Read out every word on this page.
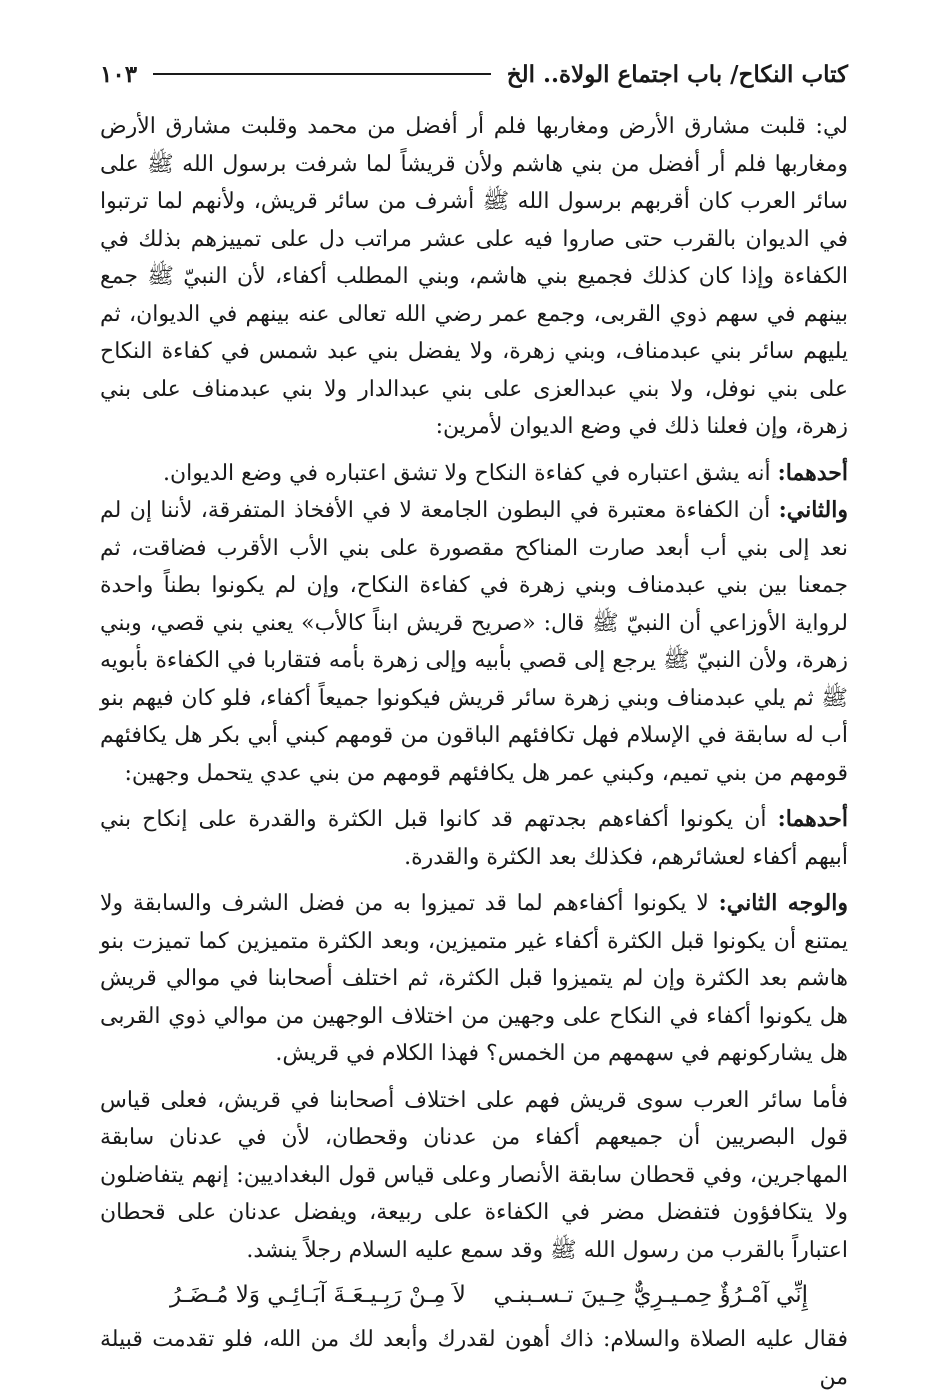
كتاب النكاح/ باب اجتماع الولاة.. الخ
١٠٣

لي: قلبت مشارق الأرض ومغاربها فلم أر أفضل من محمد وقلبت مشارق الأرض ومغاربها فلم أر أفضل من بني هاشم ولأن قريشاً لما شرفت برسول الله ﷺ على سائر العرب كان أقربهم برسول الله ﷺ أشرف من سائر قريش، ولأنهم لما ترتبوا في الديوان بالقرب حتى صاروا فيه على عشر مراتب دل على تمييزهم بذلك في الكفاءة وإذا كان كذلك فجميع بني هاشم، وبني المطلب أكفاء، لأن النبيّ ﷺ جمع بينهم في سهم ذوي القربى، وجمع عمر رضي الله تعالى عنه بينهم في الديوان، ثم يليهم سائر بني عبدمناف، وبني زهرة، ولا يفضل بني عبد شمس في كفاءة النكاح على بني نوفل، ولا بني عبدالعزى على بني عبدالدار ولا بني عبدمناف على بني زهرة، وإن فعلنا ذلك في وضع الديوان لأمرين:

أحدهما: أنه يشق اعتباره في كفاءة النكاح ولا تشق اعتباره في وضع الديوان.

والثاني: أن الكفاءة معتبرة في البطون الجامعة لا في الأفخاذ المتفرقة، لأننا إن لم نعد إلى بني أب أبعد صارت المناكح مقصورة على بني الأب الأقرب فضاقت، ثم جمعنا بين بني عبدمناف وبني زهرة في كفاءة النكاح، وإن لم يكونوا بطناً واحدة لرواية الأوزاعي أن النبيّ ﷺ قال: «صريح قريش ابناً كالأب» يعني بني قصي، وبني زهرة، ولأن النبيّ ﷺ يرجع إلى قصي بأبيه وإلى زهرة بأمه فتقاربا في الكفاءة بأبويه ﷺ ثم يلي عبدمناف وبني زهرة سائر قريش فيكونوا جميعاً أكفاء، فلو كان فيهم بنو أب له سابقة في الإسلام فهل تكافئهم الباقون من قومهم كبني أبي بكر هل يكافئهم قومهم من بني تميم، وكبني عمر هل يكافئهم قومهم من بني عدي يتحمل وجهين:

أحدهما: أن يكونوا أكفاءهم بجدتهم قد كانوا قبل الكثرة والقدرة على إنكاح بني أبيهم أكفاء لعشائرهم، فكذلك بعد الكثرة والقدرة.

والوجه الثاني: لا يكونوا أكفاءهم لما قد تميزوا به من فضل الشرف والسابقة ولا يمتنع أن يكونوا قبل الكثرة أكفاء غير متميزين، وبعد الكثرة متميزين كما تميزت بنو هاشم بعد الكثرة وإن لم يتميزوا قبل الكثرة، ثم اختلف أصحابنا في موالي قريش هل يكونوا أكفاء في النكاح على وجهين من اختلاف الوجهين من موالي ذوي القربى هل يشاركونهم في سهمهم من الخمس؟ فهذا الكلام في قريش.

فأما سائر العرب سوى قريش فهم على اختلاف أصحابنا في قريش، فعلى قياس قول البصريين أن جميعهم أكفاء من عدنان وقحطان، لأن في عدنان سابقة المهاجرين، وفي قحطان سابقة الأنصار وعلى قياس قول البغداديين: إنهم يتفاضلون ولا يتكافؤون فتفضل مضر في الكفاءة على ربيعة، ويفضل عدنان على قحطان اعتباراً بالقرب من رسول الله ﷺ وقد سمع عليه السلام رجلاً ينشد.

إِنِّي آمْـرُؤٌ حِمـيـرِيٌّ حِـينَ تـسـبنـي
لاَ مِـنْ رَبِـيـعَـةَ آبَـائِـي وَلا مُـضَـرُ

فقال عليه الصلاة والسلام: ذاك أهون لقدرك وأبعد لك من الله، فلو تقدمت قبيلة من
